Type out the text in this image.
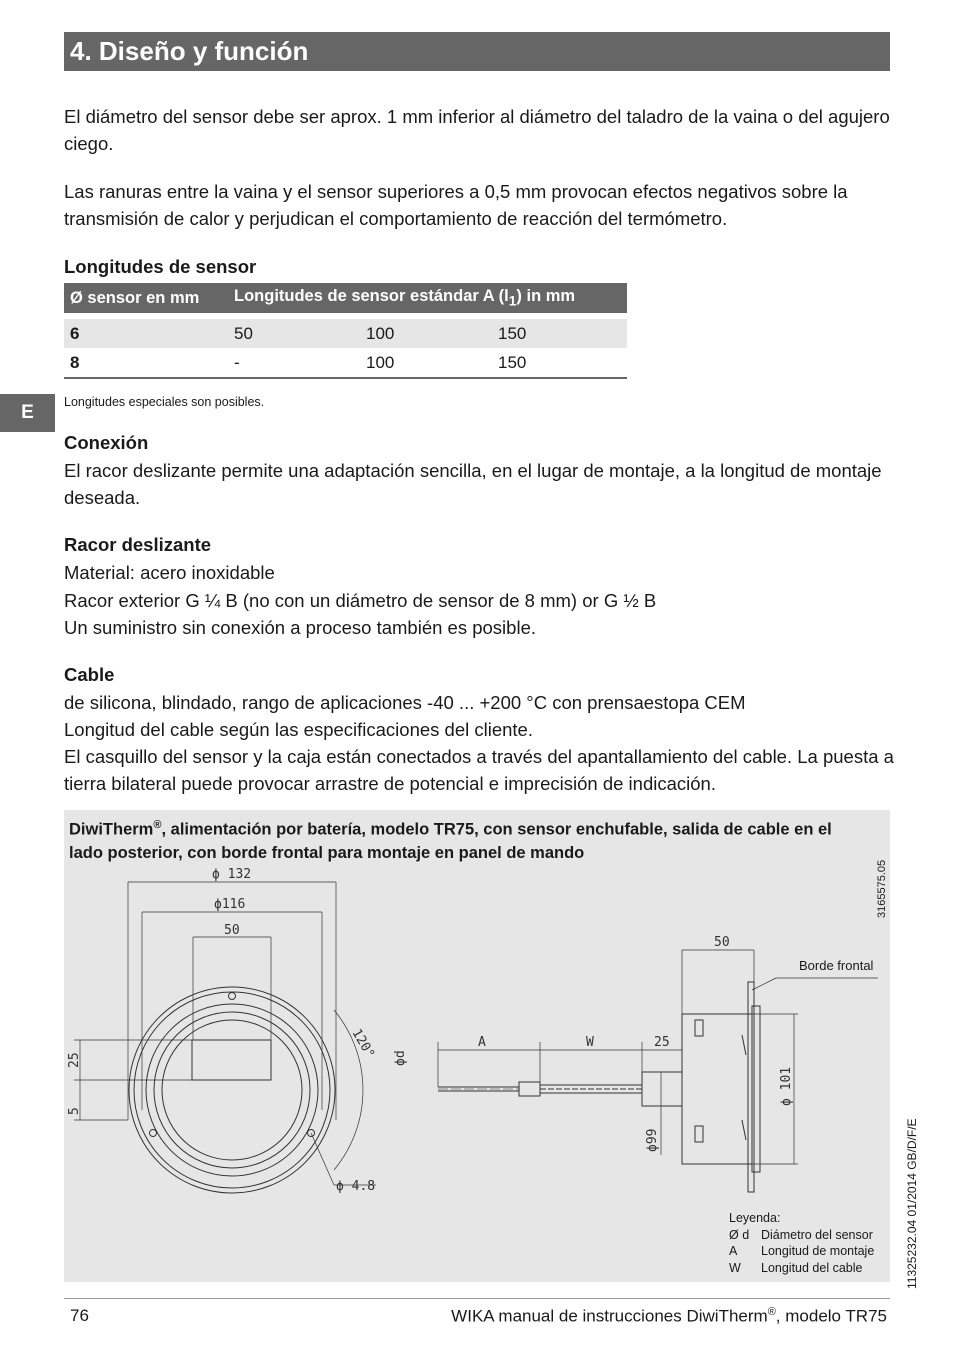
4. Diseño y función

El diámetro del sensor debe ser aprox. 1 mm inferior al diámetro del taladro de la vaina o del agujero ciego.

Las ranuras entre la vaina y el sensor superiores a 0,5 mm provocan efectos negativos sobre la transmisión de calor y perjudican el comportamiento de reacción del termómetro.

Longitudes de sensor

Ø sensor en mm	Longitudes de sensor estándar A $(l_1)$ in mm		

6	50	100	150
8	-	100	150
Longitudes especiales son posibles.
E

Conexión

El racor deslizante permite una adaptación sencilla, en el lugar de montaje, a la longitud de montaje deseada.

Racor deslizante

Material: acero inoxidable

Racor exterior G ¼ B (no con un diámetro de sensor de 8 mm) or G ½ B

Un suministro sin conexión a proceso también es posible.

Cable

de silicona, blindado, rango de aplicaciones -40 ... +200 °C con prensaestopa CEM

Longitud del cable según las especificaciones del cliente.

El casquillo del sensor y la caja están conectados a través del apantallamiento del cable. La puesta a tierra bilateral puede provocar arrastre de potencial e imprecisión de indicación.

DiwiTherm®, alimentación por batería, modelo TR75, con sensor enchufable, salida de cable en el lado posterior, con borde frontal para montaje en panel de mando

ϕ 132
ϕ116
50
25
5
120°
ϕ 4.8
50
ϕd
A	W	25
ϕ99
ϕ 101
Borde frontal
Leyenda:
Ø d Diámetro del sensor
A	Longitud de montaje
W	Longitud del cable
3165575.05
11325232.04 01/2014 GB/D/F/E
76	WIKA manual de instrucciones DiwiTherm®, modelo TR75
